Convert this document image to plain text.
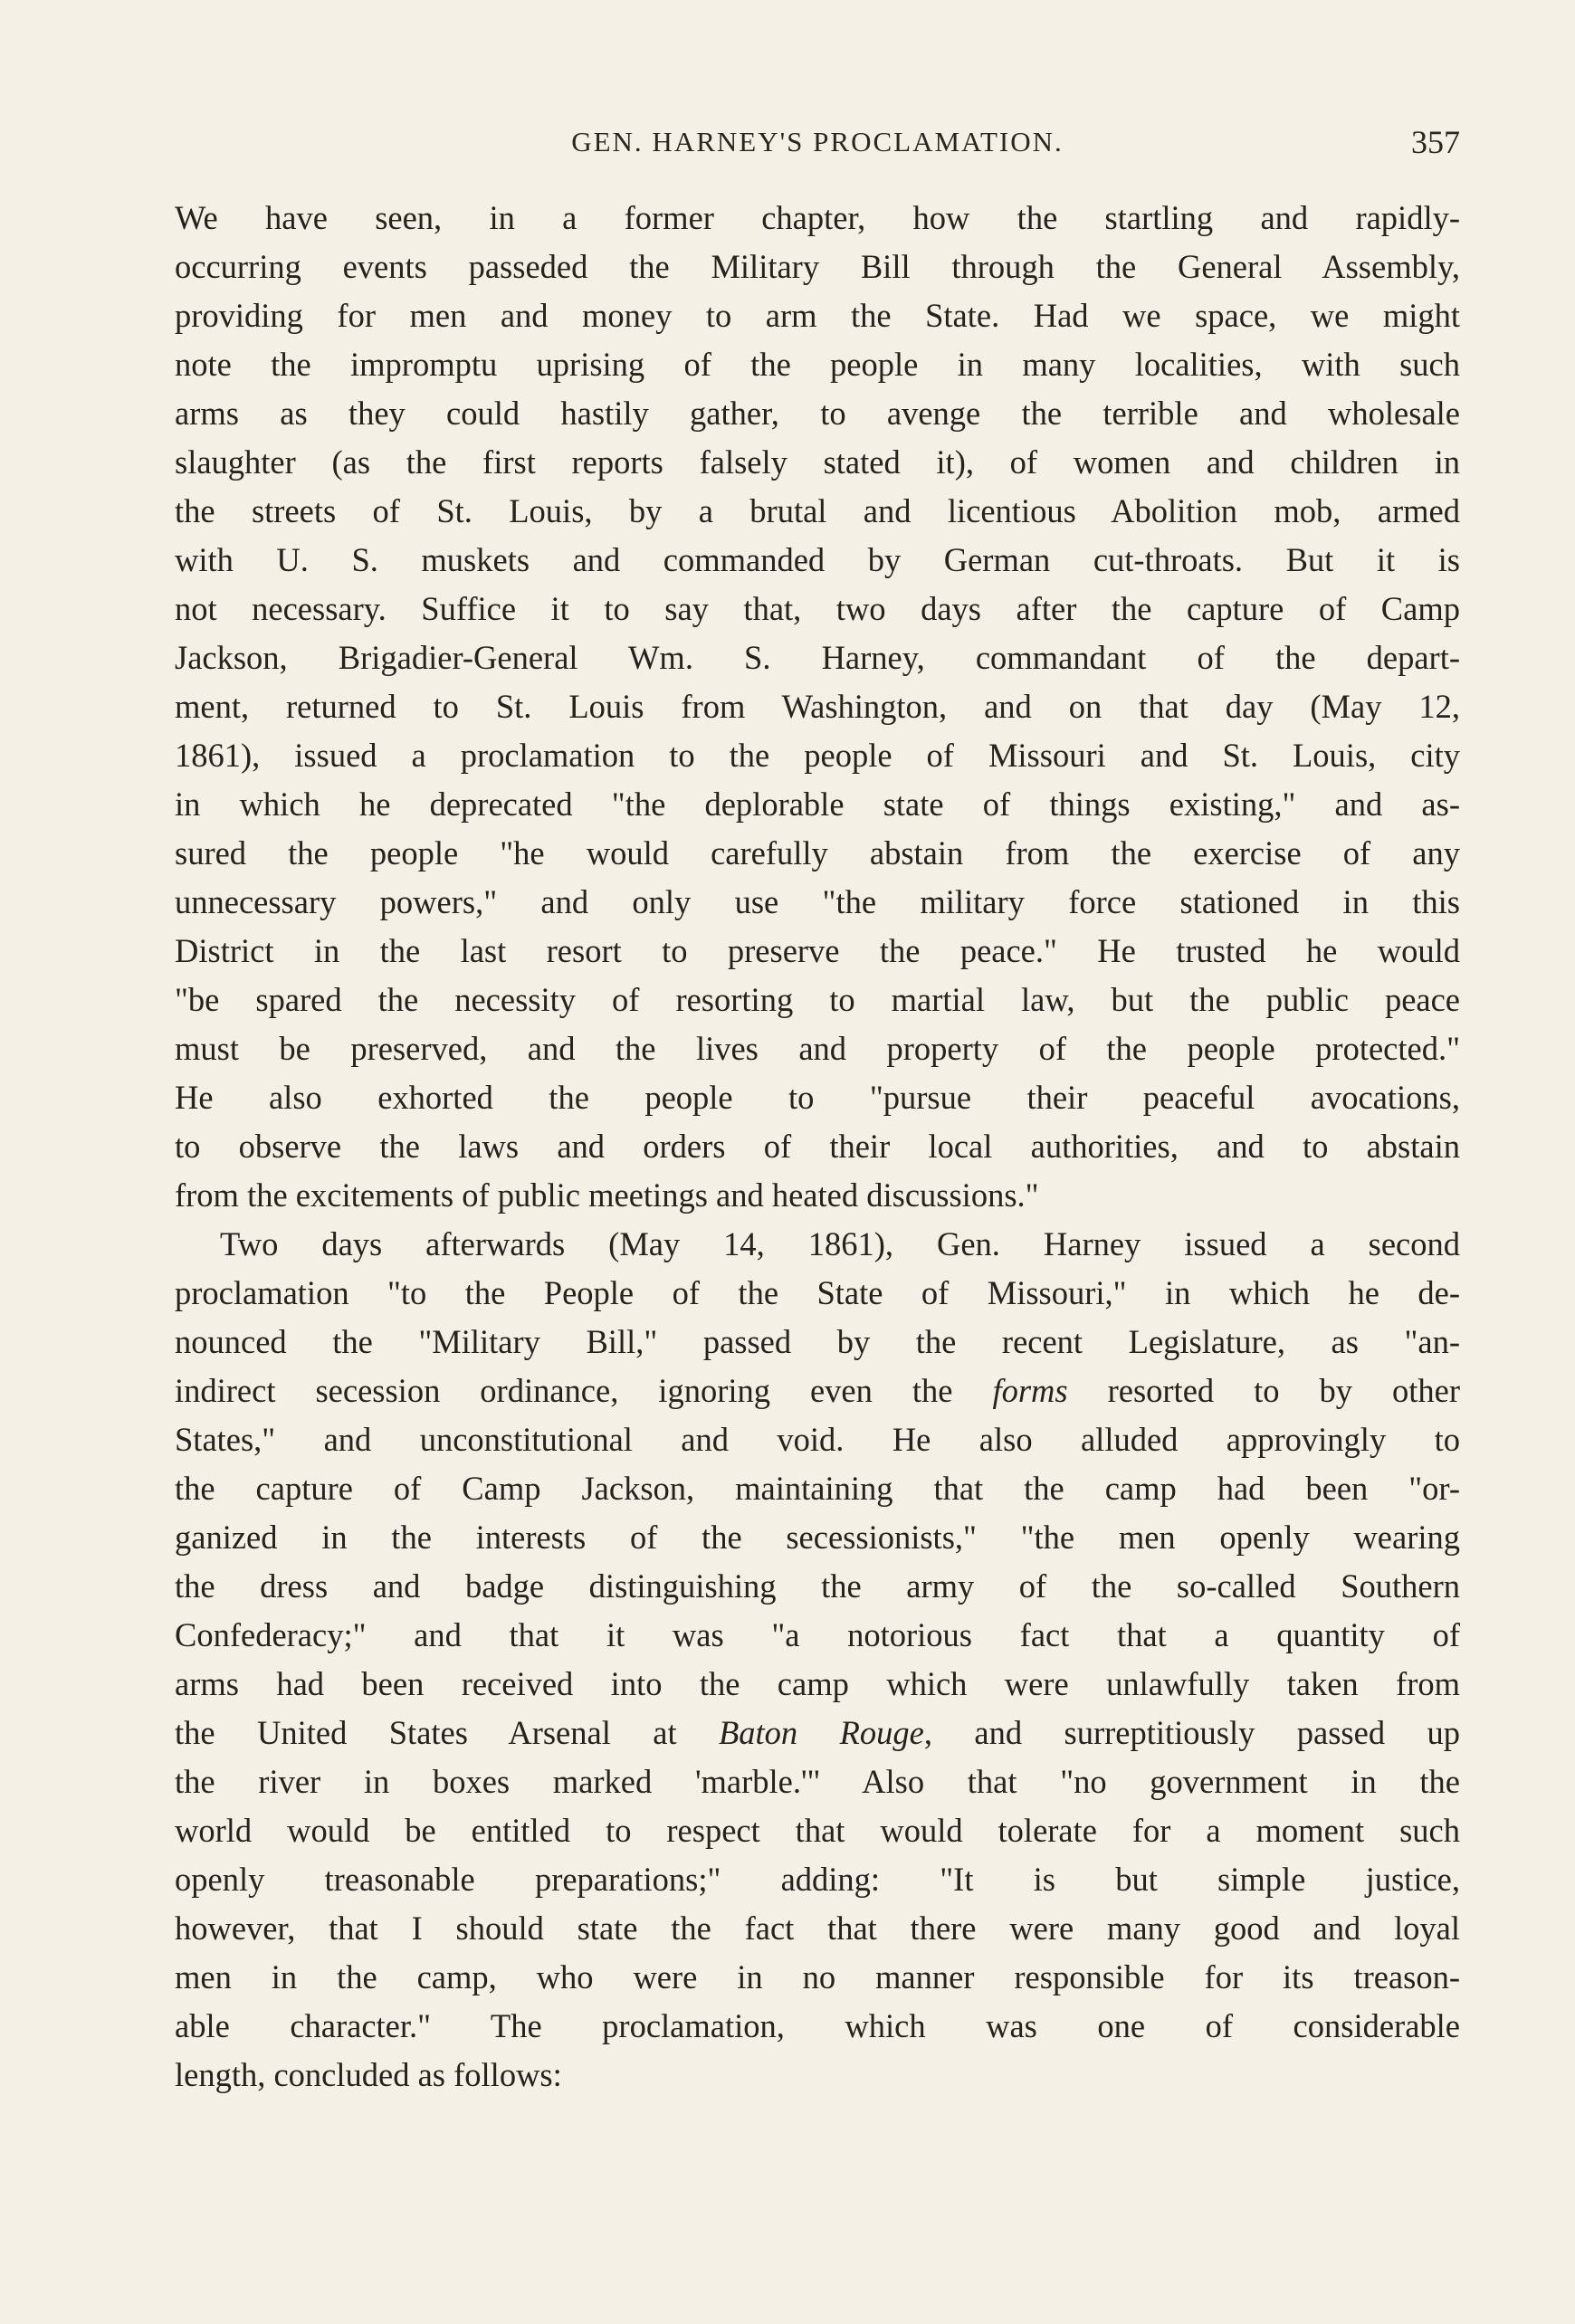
GEN. HARNEY'S PROCLAMATION.	357
We have seen, in a former chapter, how the startling and rapidly-
occurring events passeded the Military Bill through the General Assembly,
providing for men and money to arm the State. Had we space, we might
note the impromptu uprising of the people in many localities, with such
arms as they could hastily gather, to avenge the terrible and wholesale
slaughter (as the first reports falsely stated it), of women and children in
the streets of St. Louis, by a brutal and licentious Abolition mob, armed
with U. S. muskets and commanded by German cut-throats. But it is
not necessary. Suffice it to say that, two days after the capture of Camp
Jackson, Brigadier-General Wm. S. Harney, commandant of the depart-
ment, returned to St. Louis from Washington, and on that day (May 12,
1861), issued a proclamation to the people of Missouri and St. Louis, city
in which he deprecated "the deplorable state of things existing," and as-
sured the people "he would carefully abstain from the exercise of any
unnecessary powers," and only use "the military force stationed in this
District in the last resort to preserve the peace." He trusted he would
"be spared the necessity of resorting to martial law, but the public peace
must be preserved, and the lives and property of the people protected."
He also exhorted the people to "pursue their peaceful avocations,
to observe the laws and orders of their local authorities, and to abstain
from the excitements of public meetings and heated discussions."
Two days afterwards (May 14, 1861), Gen. Harney issued a second
proclamation "to the People of the State of Missouri," in which he de-
nounced the "Military Bill," passed by the recent Legislature, as "an-
indirect secession ordinance, ignoring even the forms resorted to by other
States," and unconstitutional and void. He also alluded approvingly to
the capture of Camp Jackson, maintaining that the camp had been "or-
ganized in the interests of the secessionists," "the men openly wearing
the dress and badge distinguishing the army of the so-called Southern
Confederacy;" and that it was "a notorious fact that a quantity of
arms had been received into the camp which were unlawfully taken from
the United States Arsenal at Baton Rouge, and surreptitiously passed up
the river in boxes marked 'marble.'" Also that "no government in the
world would be entitled to respect that would tolerate for a moment such
openly treasonable preparations;" adding: "It is but simple justice,
however, that I should state the fact that there were many good and loyal
men in the camp, who were in no manner responsible for its treason-
able character." The proclamation, which was one of considerable
length, concluded as follows:
